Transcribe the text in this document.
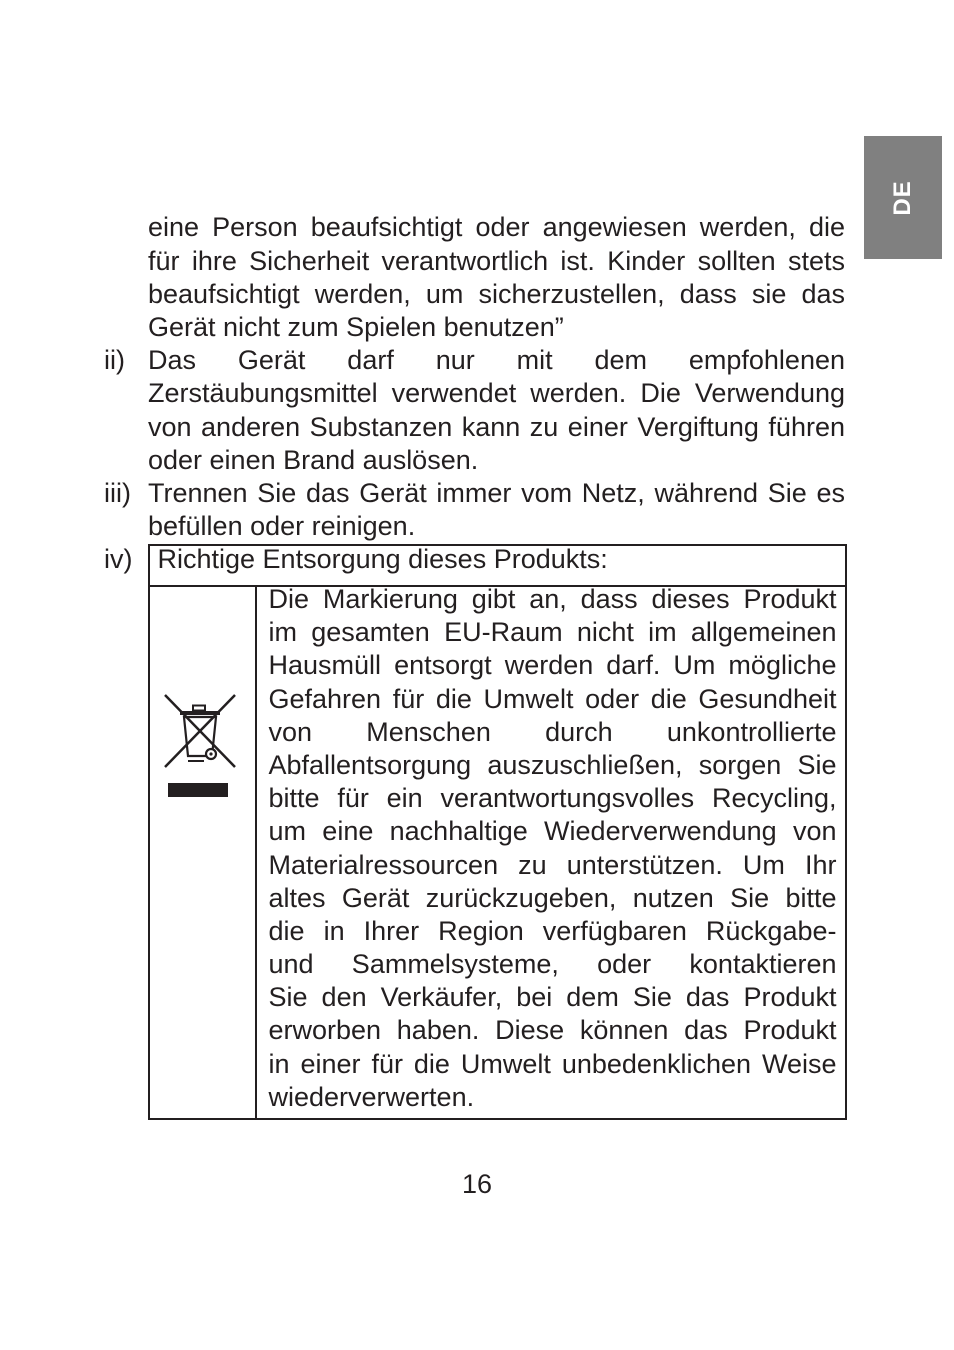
DE
eine Person beaufsichtigt oder angewiesen werden, die
für ihre Sicherheit verantwortlich ist. Kinder sollten stets
beaufsichtigt werden, um sicherzustellen, dass sie das
Gerät nicht zum Spielen benutzen”
ii) Das Gerät darf nur mit dem empfohlenen
Zerstäubungsmittel verwendet werden. Die Verwendung
von anderen Substanzen kann zu einer Vergiftung führen
oder einen Brand auslösen.
iii) Trennen Sie das Gerät immer vom Netz, während Sie es
befüllen oder reinigen.
iv) Richtige Entsorgung dieses Produkts:
Die Markierung gibt an, dass dieses Produkt
im gesamten EU-Raum nicht im allgemeinen
Hausmüll entsorgt werden darf. Um mögliche
Gefahren für die Umwelt oder die Gesundheit
von Menschen durch unkontrollierte
Abfallentsorgung auszuschließen, sorgen Sie
bitte für ein verantwortungsvolles Recycling,
um eine nachhaltige Wiederverwendung von
Materialressourcen zu unterstützen. Um Ihr
altes Gerät zurückzugeben, nutzen Sie bitte
die in Ihrer Region verfügbaren Rückgabe-
und Sammelsysteme, oder kontaktieren
Sie den Verkäufer, bei dem Sie das Produkt
erworben haben. Diese können das Produkt
in einer für die Umwelt unbedenklichen Weise
wiederverwerten.
16
